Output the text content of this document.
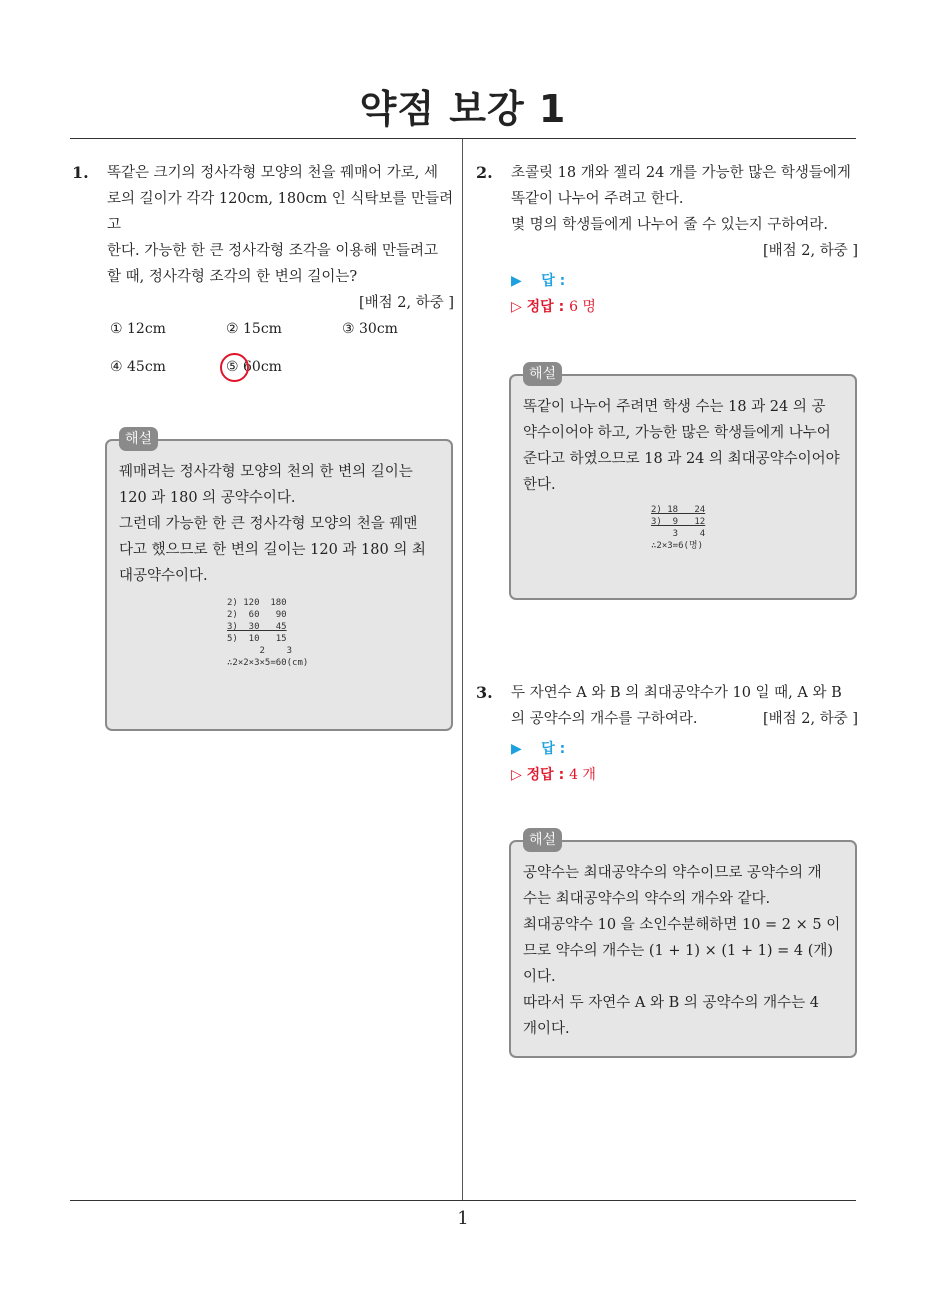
약점 보강 1
1. 똑같은 크기의 정사각형 모양의 천을 꿰매어 가로, 세
로의 길이가 각각 120cm, 180cm 인 식탁보를 만들려고
한다. 가능한 한 큰 정사각형 조각을 이용해 만들려고
할 때, 정사각형 조각의 한 변의 길이는?
[배점 2, 하중 ]
① 12cm	② 15cm	③ 30cm
④ 45cm	⑤ 60cm
해설
꿰매려는 정사각형 모양의 천의 한 변의 길이는
120 과 180 의 공약수이다.
그런데 가능한 한 큰 정사각형 모양의 천을 꿰맨
다고 했으므로 한 변의 길이는 120 과 180 의 최
대공약수이다.
2) 120  180
2)  60   90
3)  30   45
5)  10   15
2    3
∴2×2×3×5=60(cm)
2. 초콜릿 18 개와 젤리 24 개를 가능한 많은 학생들에게
똑같이 나누어 주려고 한다.
몇 명의 학생들에게 나누어 줄 수 있는지 구하여라.
[배점 2, 하중 ]
▶ 답 :
▷ 정답 : 6 명
해설
똑같이 나누어 주려면 학생 수는 18 과 24 의 공
약수이어야 하고, 가능한 많은 학생들에게 나누어
준다고 하였으므로 18 과 24 의 최대공약수이어야
한다.
2) 18   24
3)  9   12
3    4
∴2×3=6(명)
3. 두 자연수 A 와 B 의 최대공약수가 10 일 때, A 와 B
의 공약수의 개수를 구하여라.	[배점 2, 하중 ]
▶ 답 :
▷ 정답 : 4 개
해설
공약수는 최대공약수의 약수이므로 공약수의 개
수는 최대공약수의 약수의 개수와 같다.
최대공약수 10 을 소인수분해하면 10 = 2 × 5 이
므로 약수의 개수는 (1 + 1) × (1 + 1) = 4 (개)
이다.
따라서 두 자연수 A 와 B 의 공약수의 개수는 4
개이다.
1
